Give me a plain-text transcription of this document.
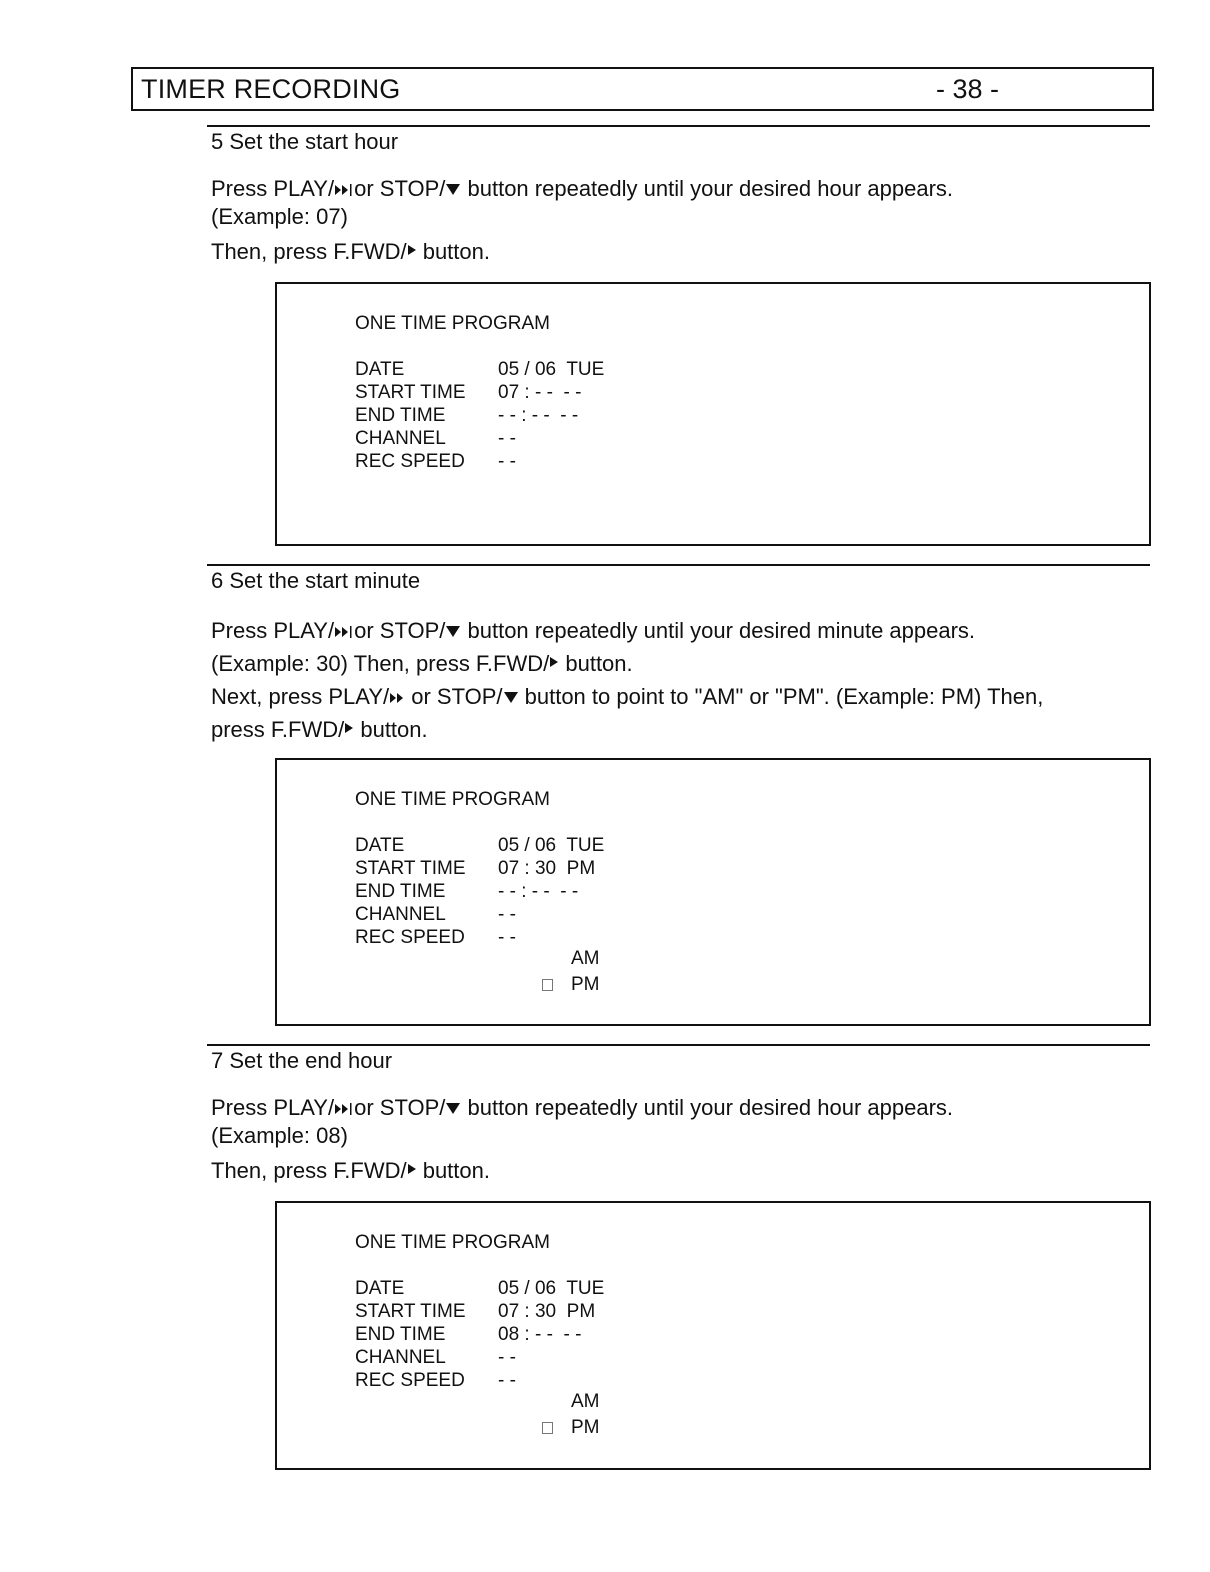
TIMER RECORDING	- 38 -
5 Set the start hour
Press PLAY/ or STOP/ button repeatedly until your desired hour appears.
(Example: 07)
Then, press F.FWD/ button.
ONE TIME PROGRAM
DATE	05 / 06  TUE
START TIME	07 : - -  - -
END TIME	- - : - -  - -
CHANNEL	- -
REC SPEED	- -
6 Set the start minute
Press PLAY/ or STOP/ button repeatedly until your desired minute appears.
(Example: 30) Then, press F.FWD/ button.
Next, press PLAY/ or STOP/ button to point to "AM" or "PM". (Example: PM) Then,
press F.FWD/ button.
ONE TIME PROGRAM
DATE	05 / 06  TUE
START TIME	07 : 30  PM
END TIME	- - : - -  - -
CHANNEL	- -
REC SPEED	- -
AM
PM
7 Set the end hour
Press PLAY/ or STOP/ button repeatedly until your desired hour appears.
(Example: 08)
Then, press F.FWD/ button.
ONE TIME PROGRAM
DATE	05 / 06  TUE
START TIME	07 : 30  PM
END TIME	08 : - -  - -
CHANNEL	- -
REC SPEED	- -
AM
PM
